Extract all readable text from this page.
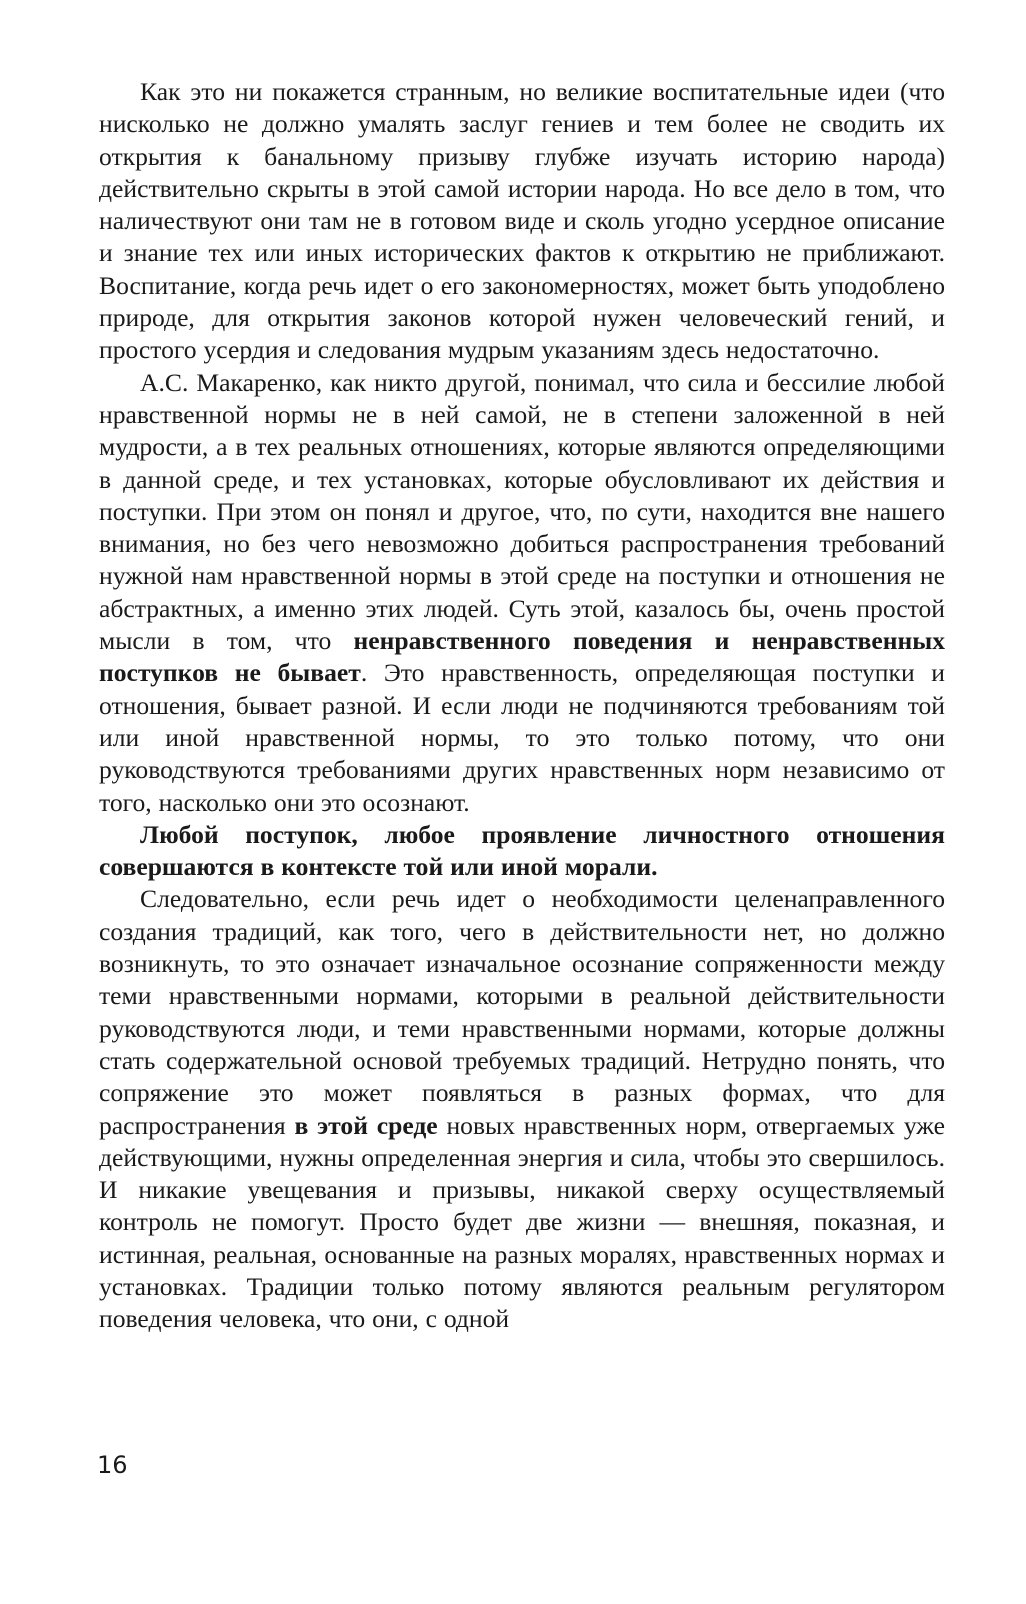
Как это ни покажется странным, но великие воспитательные идеи (что нисколько не должно умалять заслуг гениев и тем более не сводить их открытия к банальному призыву глубже изучать историю народа) действительно скрыты в этой самой истории народа. Но все дело в том, что наличествуют они там не в готовом виде и сколь угодно усердное описание и знание тех или иных исторических фактов к открытию не приближают. Воспитание, когда речь идет о его закономерностях, может быть уподоблено природе, для открытия законов которой нужен человеческий гений, и простого усердия и следования мудрым указаниям здесь недостаточно.

А.С. Макаренко, как никто другой, понимал, что сила и бессилие любой нравственной нормы не в ней самой, не в степени заложенной в ней мудрости, а в тех реальных отношениях, которые являются определяющими в данной среде, и тех установках, которые обусловливают их действия и поступки. При этом он понял и другое, что, по сути, находится вне нашего внимания, но без чего невозможно добиться распространения требований нужной нам нравственной нормы в этой среде на поступки и отношения не абстрактных, а именно этих людей. Суть этой, казалось бы, очень простой мысли в том, что ненравственного поведения и ненравственных поступков не бывает. Это нравственность, определяющая поступки и отношения, бывает разной. И если люди не подчиняются требованиям той или иной нравственной нормы, то это только потому, что они руководствуются требованиями других нравственных норм независимо от того, насколько они это осознают.

Любой поступок, любое проявление личностного отношения совершаются в контексте той или иной морали.

Следовательно, если речь идет о необходимости целенаправленного создания традиций, как того, чего в действительности нет, но должно возникнуть, то это означает изначальное осознание сопряженности между теми нравственными нормами, которыми в реальной действительности руководствуются люди, и теми нравственными нормами, которые должны стать содержательной основой требуемых традиций. Нетрудно понять, что сопряжение это может появляться в разных формах, что для распространения в этой среде новых нравственных норм, отвергаемых уже действующими, нужны определенная энергия и сила, чтобы это свершилось. И никакие увещевания и призывы, никакой сверху осуществляемый контроль не помогут. Просто будет две жизни — внешняя, показная, и истинная, реальная, основанные на разных моралях, нравственных нормах и установках. Традиции только потому являются реальным регулятором поведения человека, что они, с одной

16
